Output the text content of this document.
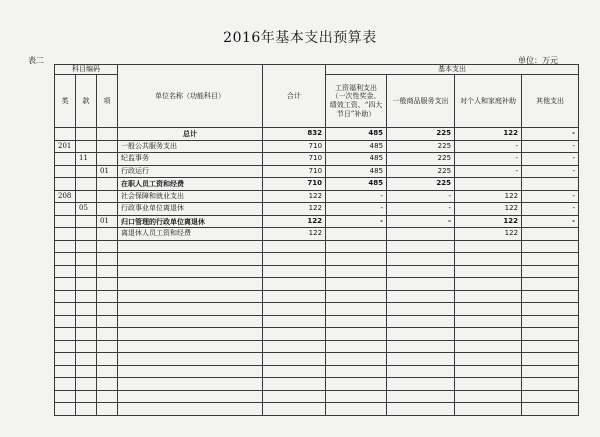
2016年基本支出预算表
表二	单位：万元
科目编码			单位名称（功能科目）	合计	基本支出			
类	款	项			工资福利支出（一次性奖金、绩效工资、“四大节日”补助）	一般商品服务支出	对个人和家庭补助	其他支出
			总计	832	485	225	122	-
201			一般公共服务支出	710	485	225	-	-
	11		纪监事务	710	485	225	-	-
		01	行政运行	710	485	225	-	-
			在职人员工资和经费	710	485	225		
208			社会保障和就业支出	122	-	-	122	-
	05		行政事业单位离退休	122	-	-	122	-
		01	归口管理的行政单位离退休	122	-	-	122	-
			离退休人员工资和经费	122			122	
